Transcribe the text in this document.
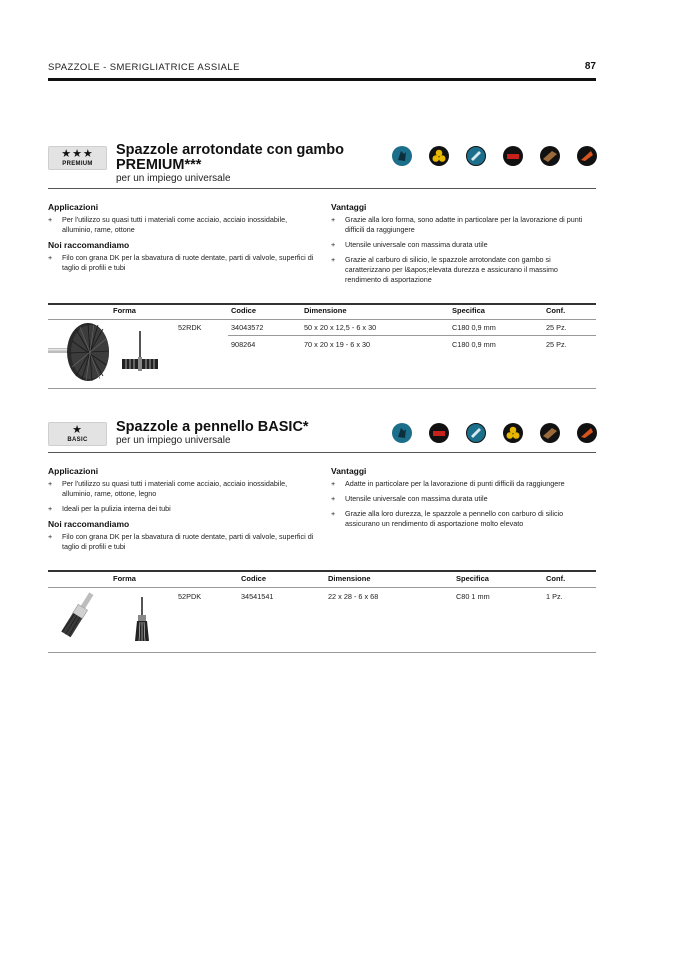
SPAZZOLE - SMERIGLIATRICE ASSIALE	87
★★★
PREMIUM
Spazzole arrotondate con gambo
PREMIUM***
per un impiego universale
Applicazioni
+ Per l'utilizzo su quasi tutti i materiali come acciaio, acciaio inossidabile, alluminio, rame, ottone
Noi raccomandiamo
+ Filo con grana DK per la sbavatura di ruote dentate, parti di valvole, superfici di taglio di profili e tubi
Vantaggi
+ Grazie alla loro forma, sono adatte in particolare per la lavorazione di punti difficili da raggiungere
+ Utensile universale con massima durata utile
+ Grazie al carburo di silicio, le spazzole arrotondate con gambo si caratterizzano per l&apos;elevata durezza e assicurano il massimo rendimento di asportazione
Forma	Codice	Dimensione	Specifica	Conf.
52RDK	34043572	50 x 20 x 12,5 - 6 x 30	C180 0,9 mm	25 Pz.
908264	70 x 20 x 19 - 6 x 30	C180 0,9 mm	25 Pz.
★
BASIC
Spazzole a pennello BASIC*
per un impiego universale
Applicazioni
+ Per l'utilizzo su quasi tutti i materiali come acciaio, acciaio inossidabile, alluminio, rame, ottone, legno
+ Ideali per la pulizia interna dei tubi
Noi raccomandiamo
+ Filo con grana DK per la sbavatura di ruote dentate, parti di valvole, superfici di taglio di profili e tubi
Vantaggi
+ Adatte in particolare per la lavorazione di punti difficili da raggiungere
+ Utensile universale con massima durata utile
+ Grazie alla loro durezza, le spazzole a pennello con carburo di silicio assicurano un rendimento di asportazione molto elevato
Forma	Codice	Dimensione	Specifica	Conf.
52PDK	34541541	22 x 28 - 6 x 68	C80 1 mm	1 Pz.
